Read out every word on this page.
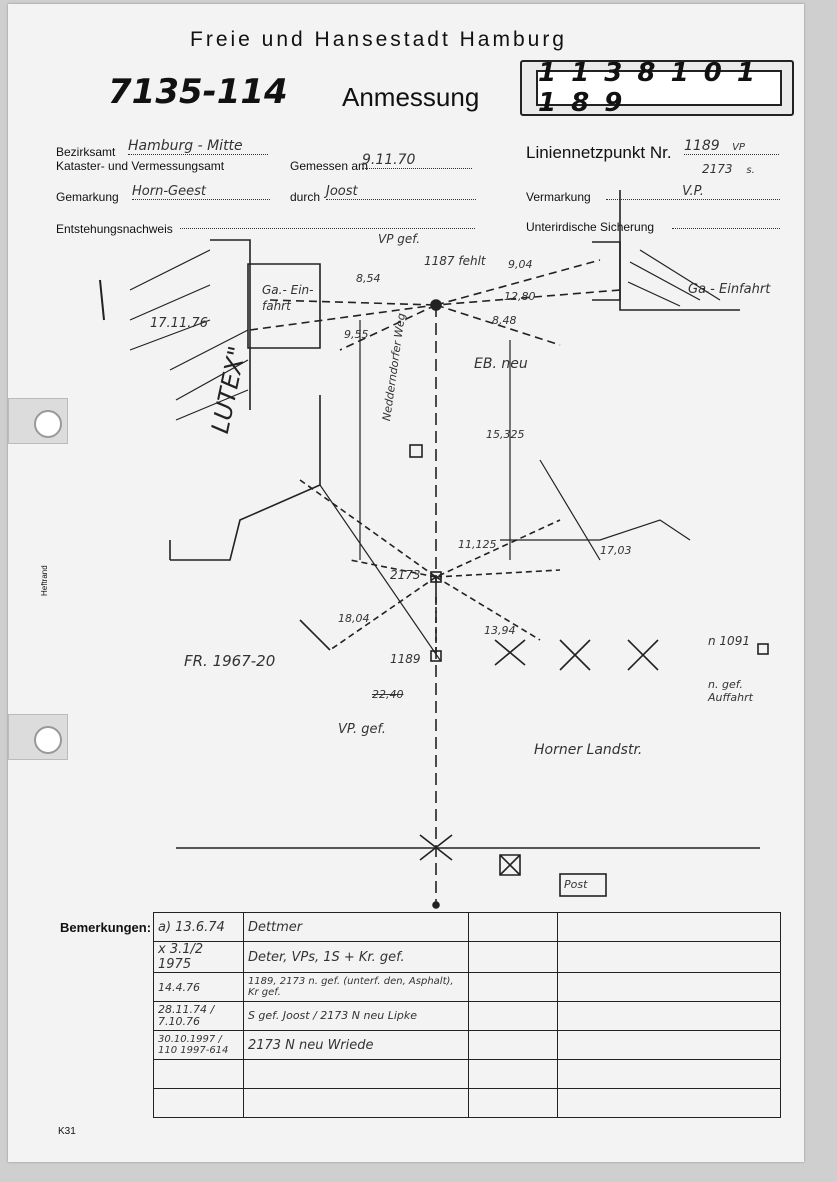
Freie und Hansestadt Hamburg
7135-114 Anmessung
1 1 3 8 1 0 1 1 8 9
Bezirksamt Hamburg - Mitte
Kataster- und Vermessungsamt	Gemessen am
9.11.70	Liniennetzpunkt Nr. 1189 VP
2173 s.
Gemarkung Horn-Geest	durch Joost	Vermarkung	V.P.
Entstehungsnachweis	Unterirdische Sicherung
LUTEX"
Ga.- Ein- fahrt
Ga.- Einfahrt
VP gef.
1187 fehlt
EB. neu
Nedderndorfer Weg
FR. 1967-20	1189
2173
n 1091
Horner Landstr.
n. gef. Auffahrt
VP. gef.
Post
17.11.76
8,54
9,04
12,80
8,48
9,55
15,325
11,125	17,03
18,04
13,94
22,40
Bemerkungen: a) 13.6.74	Dettmer		
x 3.1/2 1975	Deter, VPs, 1S + Kr. gef.		
14.4.76	1189, 2173 n. gef. (unterf. den, Asphalt), Kr gef.		
28.11.74 / 7.10.76	S gef. Joost / 2173 N neu Lipke		
30.10.1997 / 110 1997-614	2173 N neu Wriede		

K31
Heftrand
